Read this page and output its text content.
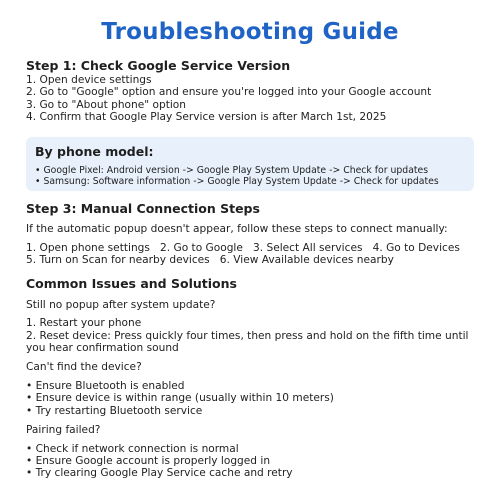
Troubleshooting Guide
Step 1: Check Google Service Version
1. Open device settings
2. Go to "Google" option and ensure you're logged into your Google account
3. Go to "About phone" option
4. Confirm that Google Play Service version is after March 1st, 2025
By phone model:
• Google Pixel: Android version -> Google Play System Update -> Check for updates
• Samsung: Software information -> Google Play System Update -> Check for updates
Step 3: Manual Connection Steps
If the automatic popup doesn't appear, follow these steps to connect manually:
1. Open phone settings   2. Go to Google   3. Select All services   4. Go to Devices
5. Turn on Scan for nearby devices   6. View Available devices nearby
Common Issues and Solutions
Still no popup after system update?
1. Restart your phone
2. Reset device: Press quickly four times, then press and hold on the fifth time until you hear confirmation sound
Can't find the device?
• Ensure Bluetooth is enabled
• Ensure device is within range (usually within 10 meters)
• Try restarting Bluetooth service
Pairing failed?
• Check if network connection is normal
• Ensure Google account is properly logged in
• Try clearing Google Play Service cache and retry
